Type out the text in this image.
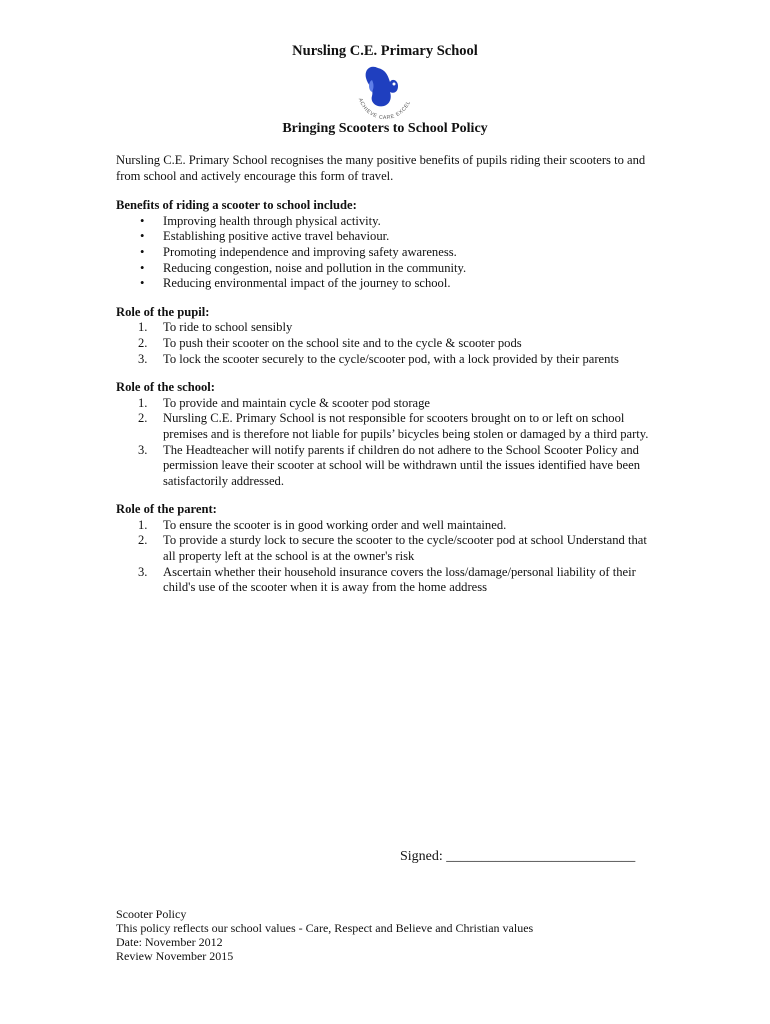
Nursling C.E. Primary School
ACHIEVE CARE EXCEL
Bringing Scooters to School Policy

Nursling C.E. Primary School recognises the many positive benefits of pupils riding their scooters to and from school and actively encourage this form of travel.

Benefits of riding a scooter to school include:
• Improving health through physical activity.
• Establishing positive active travel behaviour.
• Promoting independence and improving safety awareness.
• Reducing congestion, noise and pollution in the community.
• Reducing environmental impact of the journey to school.
Role of the pupil:
1. To ride to school sensibly
2. To push their scooter on the school site and to the cycle & scooter pods
3. To lock the scooter securely to the cycle/scooter pod, with a lock provided by their parents
Role of the school:
1. To provide and maintain cycle & scooter pod storage
2. Nursling C.E. Primary School is not responsible for scooters brought on to or left on school premises and is therefore not liable for pupils’ bicycles being stolen or damaged by a third party.
3. The Headteacher will notify parents if children do not adhere to the School Scooter Policy and permission leave their scooter at school will be withdrawn until the issues identified have been satisfactorily addressed.
Role of the parent:
1. To ensure the scooter is in good working order and well maintained.
2. To provide a sturdy lock to secure the scooter to the cycle/scooter pod at school Understand that all property left at the school is at the owner's risk
3. Ascertain whether their household insurance covers the loss/damage/personal liability of their child's use of the scooter when it is away from the home address
Signed: ___________________________
Scooter Policy
This policy reflects our school values - Care, Respect and Believe and Christian values
Date: November 2012
Review November 2015
